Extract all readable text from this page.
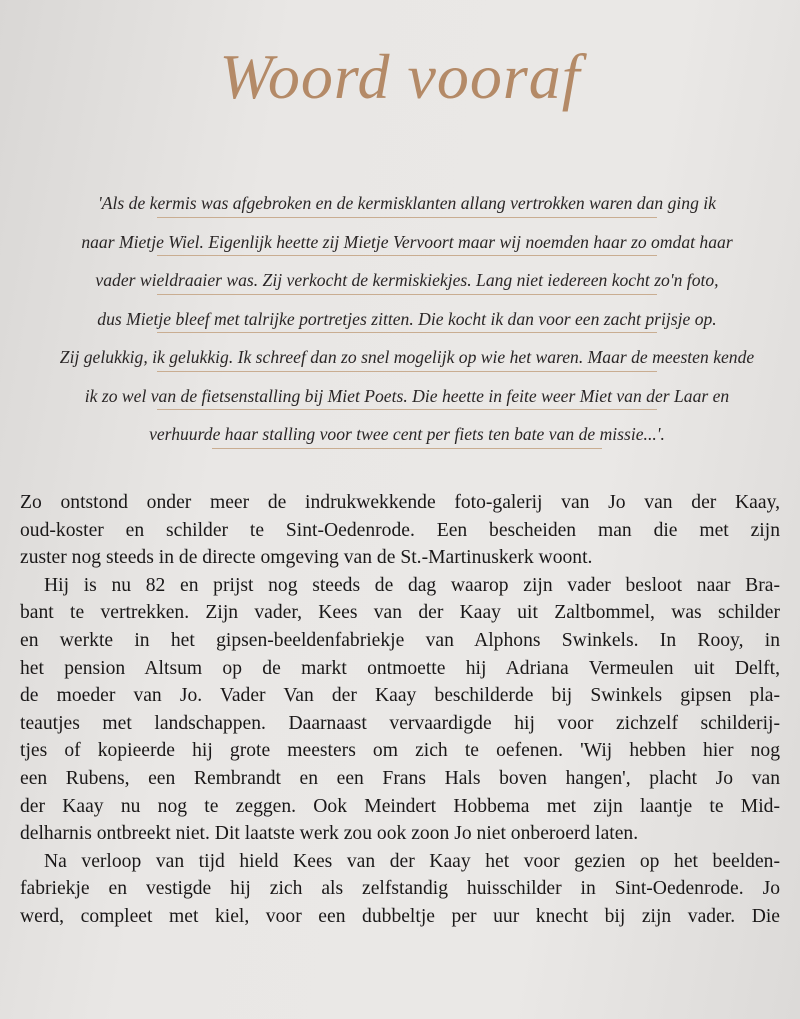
Woord vooraf
'Als de kermis was afgebroken en de kermisklanten allang vertrokken waren dan ging ik
naar Mietje Wiel. Eigenlijk heette zij Mietje Vervoort maar wij noemden haar zo omdat haar
vader wieldraaier was. Zij verkocht de kermiskiekjes. Lang niet iedereen kocht zo'n foto,
dus Mietje bleef met talrijke portretjes zitten. Die kocht ik dan voor een zacht prijsje op.
Zij gelukkig, ik gelukkig. Ik schreef dan zo snel mogelijk op wie het waren. Maar de meesten kende
ik zo wel van de fietsenstalling bij Miet Poets. Die heette in feite weer Miet van der Laar en
verhuurde haar stalling voor twee cent per fiets ten bate van de missie...'.
Zo ontstond onder meer de indrukwekkende foto-galerij van Jo van der Kaay,
oud-koster en schilder te Sint-Oedenrode. Een bescheiden man die met zijn
zuster nog steeds in de directe omgeving van de St.-Martinuskerk woont.
Hij is nu 82 en prijst nog steeds de dag waarop zijn vader besloot naar Bra-
bant te vertrekken. Zijn vader, Kees van der Kaay uit Zaltbommel, was schilder
en werkte in het gipsen-beeldenfabriekje van Alphons Swinkels. In Rooy, in
het pension Altsum op de markt ontmoette hij Adriana Vermeulen uit Delft,
de moeder van Jo. Vader Van der Kaay beschilderde bij Swinkels gipsen pla-
teautjes met landschappen. Daarnaast vervaardigde hij voor zichzelf schilderij-
tjes of kopieerde hij grote meesters om zich te oefenen. 'Wij hebben hier nog
een Rubens, een Rembrandt en een Frans Hals boven hangen', placht Jo van
der Kaay nu nog te zeggen. Ook Meindert Hobbema met zijn laantje te Mid-
delharnis ontbreekt niet. Dit laatste werk zou ook zoon Jo niet onberoerd laten.
Na verloop van tijd hield Kees van der Kaay het voor gezien op het beelden-
fabriekje en vestigde hij zich als zelfstandig huisschilder in Sint-Oedenrode. Jo
werd, compleet met kiel, voor een dubbeltje per uur knecht bij zijn vader. Die
